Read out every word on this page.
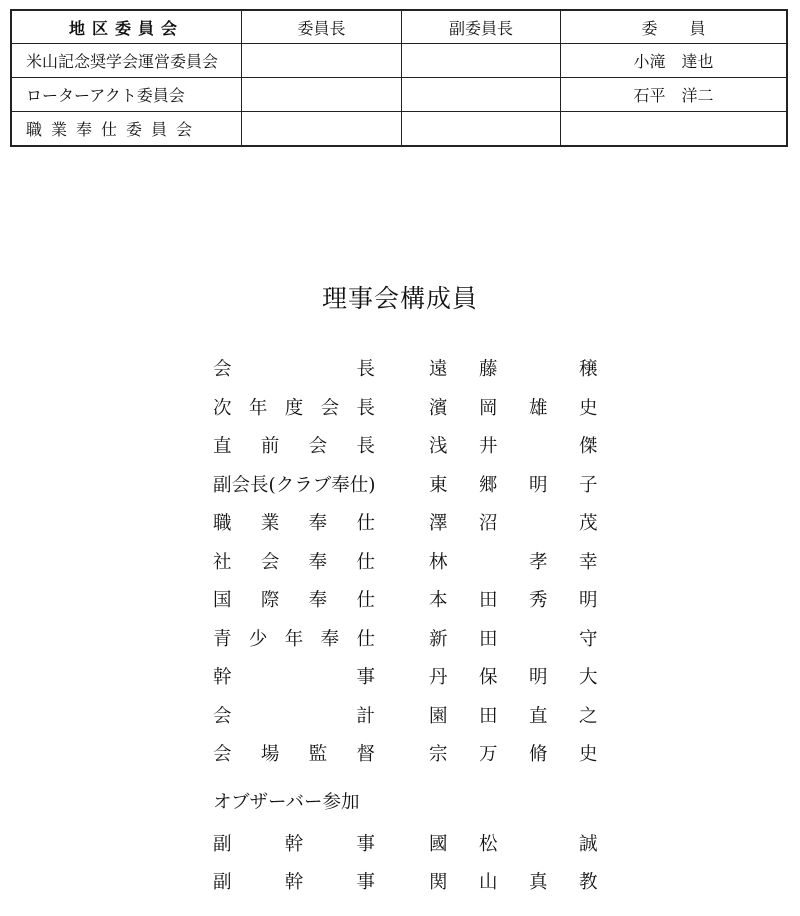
地区委員会	委員長	副委員長	委　　員
米山記念奨学会運営委員会			小滝　達也
ローターアクト委員会			石平　洋二
職業奉仕委員会			
理事会構成員
会長	遠 藤	穣
次年度会長	濱 岡 雄 史
直前会長	浅 井	傑
副会長(クラブ奉仕)	東 郷 明 子
職業奉仕	澤 沼	茂
社会奉仕	林	孝 幸
国際奉仕	本 田 秀 明
青少年奉仕	新 田	守
幹事	丹 保 明 大
会計	園 田 直 之
会場監督	宗 万 脩 史
オブザーバー参加
副幹事	國 松	誠
副幹事	関 山 真 教
